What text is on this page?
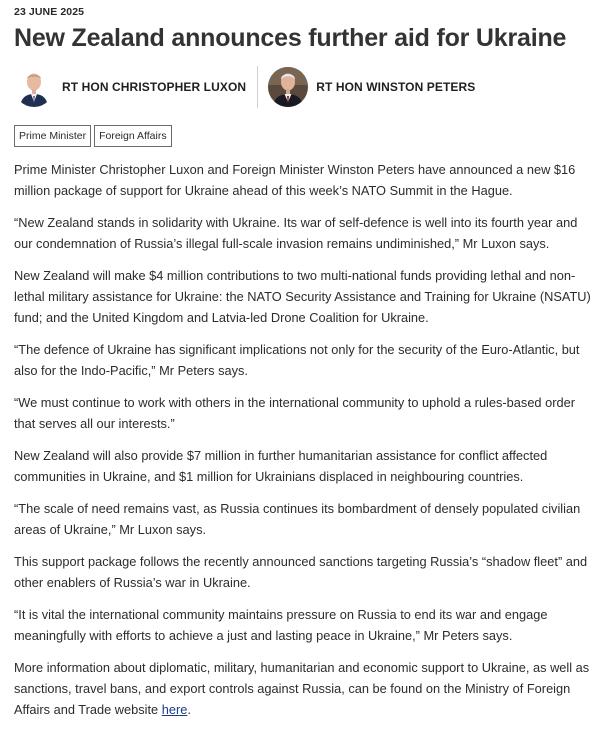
23 JUNE 2025
New Zealand announces further aid for Ukraine
RT HON CHRISTOPHER LUXON	RT HON WINSTON PETERS
Prime Minister	Foreign Affairs

Prime Minister Christopher Luxon and Foreign Minister Winston Peters have announced a new $16 million package of support for Ukraine ahead of this week’s NATO Summit in the Hague.

“New Zealand stands in solidarity with Ukraine. Its war of self-defence is well into its fourth year and our condemnation of Russia’s illegal full-scale invasion remains undiminished,” Mr Luxon says.

New Zealand will make $4 million contributions to two multi-national funds providing lethal and non-lethal military assistance for Ukraine: the NATO Security Assistance and Training for Ukraine (NSATU) fund; and the United Kingdom and Latvia-led Drone Coalition for Ukraine.

“The defence of Ukraine has significant implications not only for the security of the Euro-Atlantic, but also for the Indo-Pacific,” Mr Peters says.

“We must continue to work with others in the international community to uphold a rules-based order that serves all our interests.”

New Zealand will also provide $7 million in further humanitarian assistance for conflict affected communities in Ukraine, and $1 million for Ukrainians displaced in neighbouring countries.

“The scale of need remains vast, as Russia continues its bombardment of densely populated civilian areas of Ukraine,” Mr Luxon says.

This support package follows the recently announced sanctions targeting Russia’s “shadow fleet” and other enablers of Russia’s war in Ukraine.

“It is vital the international community maintains pressure on Russia to end its war and engage meaningfully with efforts to achieve a just and lasting peace in Ukraine,” Mr Peters says.

More information about diplomatic, military, humanitarian and economic support to Ukraine, as well as sanctions, travel bans, and export controls against Russia, can be found on the Ministry of Foreign Affairs and Trade website here.
